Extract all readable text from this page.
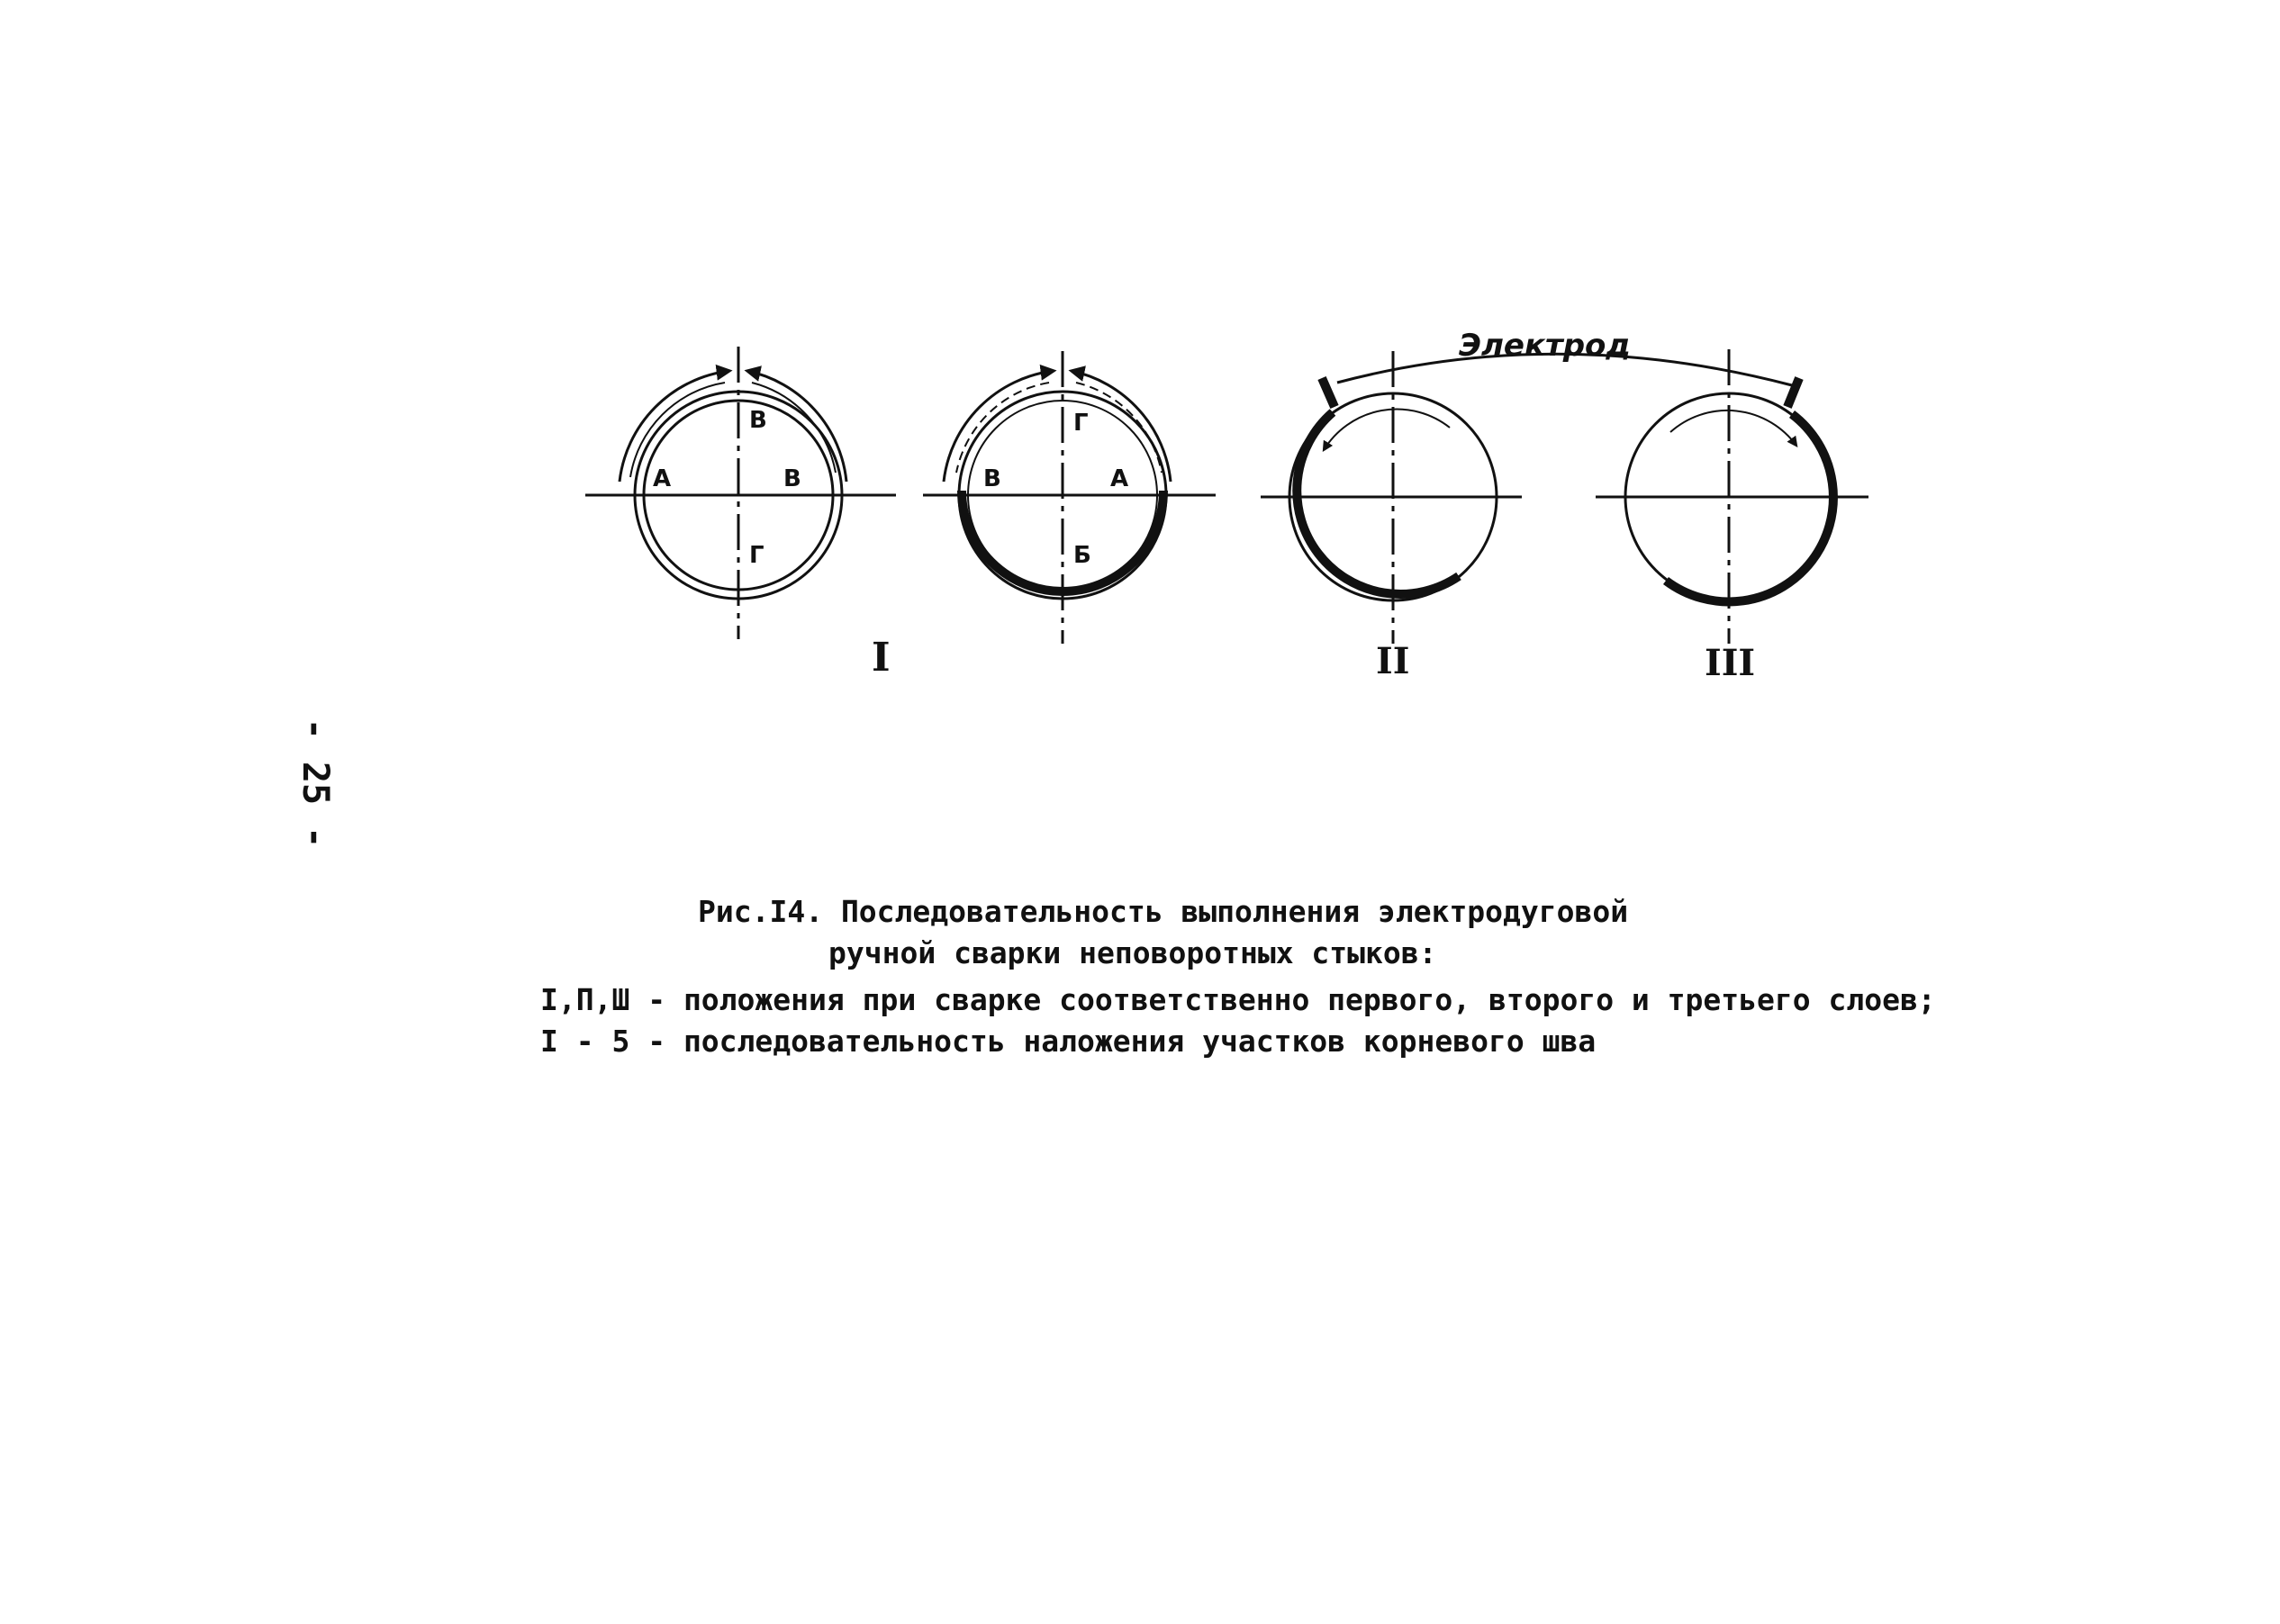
В
А	В
Г
Г
В	А
Б
I	II	III
Электрод
- 25 -
Рис.I4. Последовательность выполнения электродуговой
ручной сварки неповоротных стыков:
I,П,Ш - положения при сварке соответственно первого, второго и третьего слоев;
I - 5 - последовательность наложения участков корневого шва
